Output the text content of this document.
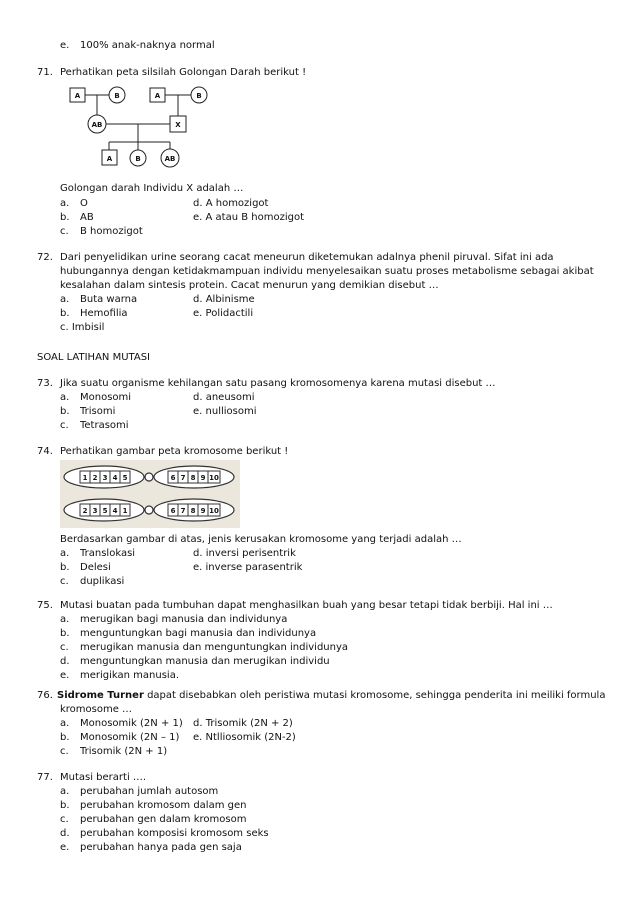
e. 100% anak-naknya normal
71. Perhatikan peta silsilah Golongan Darah berikut !
A	B	A	B
AB	X
A	B	AB
Golongan darah Individu X adalah …
a. O
b. AB
c. B homozigot
d. A homozigot
e. A atau B homozigot
72. Dari penyelidikan urine seorang cacat meneurun diketemukan adalnya phenil piruval. Sifat ini ada
hubungannya dengan ketidakmampuan individu menyelesaikan suatu proses metabolisme sebagai akibat
kesalahan dalam sintesis protein. Cacat menurun yang demikian disebut …
a. Buta warna
b. Hemofilia
c. Imbisil
d. Albinisme
e. Polidactili
SOAL LATIHAN MUTASI
73. Jika suatu organisme kehilangan satu pasang kromosomenya karena mutasi disebut …
a. Monosomi
b. Trisomi
c. Tetrasomi
d. aneusomi
e. nulliosomi
74. Perhatikan gambar peta kromosome berikut !
1 2 3 4 5	6 7 8 9 10
2 3 5 4 1	6 7 8 9 10
Berdasarkan gambar di atas, jenis kerusakan kromosome yang terjadi adalah …
a. Translokasi
b. Delesi
c. duplikasi
d. inversi perisentrik
e. inverse parasentrik
75. Mutasi buatan pada tumbuhan dapat menghasilkan buah yang besar tetapi tidak berbiji. Hal ini …
a. merugikan bagi manusia dan individunya
b. menguntungkan bagi manusia dan individunya
c. merugikan manusia dan menguntungkan individunya
d. menguntungkan manusia dan merugikan individu
e. merigikan manusia.
76. Sidrome Turner dapat disebabkan oleh peristiwa mutasi kromosome, sehingga penderita ini meiliki formula
kromosome …
a. Monosomik (2N + 1)
b. Monosomik (2N – 1)
c. Trisomik (2N + 1)
d. Trisomik (2N + 2)
e. Ntlliosomik (2N-2)
77. Mutasi berarti ….
a. perubahan jumlah autosom
b. perubahan kromosom dalam gen
c. perubahan gen dalam kromosom
d. perubahan komposisi kromosom seks
e. perubahan hanya pada gen saja
